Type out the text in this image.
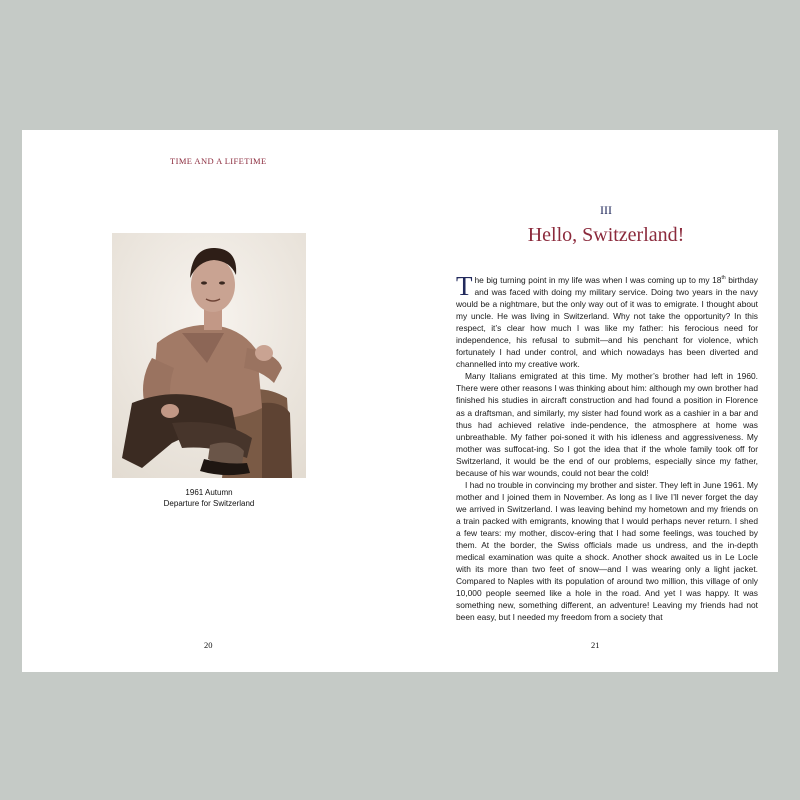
TIME AND A LIFETIME
1961 Autumn
Departure for Switzerland
20
III
Hello, Switzerland!

The big turning point in my life was when I was coming up to my 18th birthday and was faced with doing my military service. Doing two years in the navy would be a nightmare, but the only way out of it was to emigrate. I thought about my uncle. He was living in Switzerland. Why not take the opportunity? In this respect, it’s clear how much I was like my father: his ferocious need for independence, his refusal to submit—and his penchant for violence, which fortunately I had under control, and which nowadays has been diverted and channelled into my creative work.

Many Italians emigrated at this time. My mother’s brother had left in 1960. There were other reasons I was thinking about him: although my own brother had finished his studies in aircraft construction and had found a position in Florence as a draftsman, and similarly, my sister had found work as a cashier in a bar and thus had achieved relative inde-pendence, the atmosphere at home was unbreathable. My father poi-soned it with his idleness and aggressiveness. My mother was suffocat-ing. So I got the idea that if the whole family took off for Switzerland, it would be the end of our problems, especially since my father, because of his war wounds, could not bear the cold!

I had no trouble in convincing my brother and sister. They left in June 1961. My mother and I joined them in November. As long as I live I’ll never forget the day we arrived in Switzerland. I was leaving behind my hometown and my friends on a train packed with emigrants, knowing that I would perhaps never return. I shed a few tears: my mother, discov-ering that I had some feelings, was touched by them. At the border, the Swiss officials made us undress, and the in-depth medical examination was quite a shock. Another shock awaited us in Le Locle with its more than two feet of snow—and I was wearing only a light jacket. Compared to Naples with its population of around two million, this village of only 10,000 people seemed like a hole in the road. And yet I was happy. It was something new, something different, an adventure! Leaving my friends had not been easy, but I needed my freedom from a society that

21
